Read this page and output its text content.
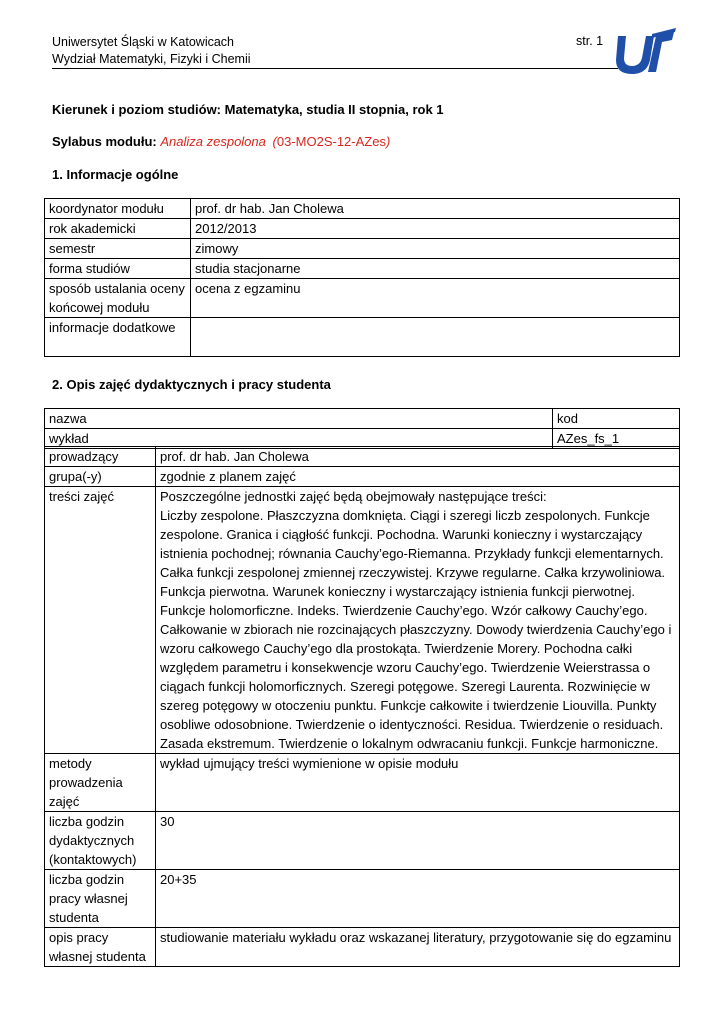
Uniwersytet Śląski w Katowicach
Wydział Matematyki, Fizyki i Chemii
str. 1
Kierunek i poziom studiów: Matematyka, studia II stopnia, rok 1
Sylabus modułu: Analiza zespolona (03-MO2S-12-AZes)
1. Informacje ogólne
koordynator modułu	prof. dr hab. Jan Cholewa
rok akademicki	2012/2013
semestr	zimowy
forma studiów	studia stacjonarne
sposób ustalania oceny końcowej modułu	ocena z egzaminu
informacje dodatkowe	
2. Opis zajęć dydaktycznych i pracy studenta
nazwa	kod
wykład	AZes_fs_1
prowadzący	prof. dr hab. Jan Cholewa
grupa(-y)	zgodnie z planem zajęć
treści zajęć	Poszczególne jednostki zajęć będą obejmowały następujące treści:
Liczby zespolone. Płaszczyzna domknięta. Ciągi i szeregi liczb zespolonych. Funkcje zespolone. Granica i ciągłość funkcji. Pochodna. Warunki konieczny i wystarczający istnienia pochodnej; równania Cauchy’ego-Riemanna. Przykłady funkcji elementarnych. Całka funkcji zespolonej zmiennej rzeczywistej. Krzywe regularne. Całka krzywoliniowa. Funkcja pierwotna. Warunek konieczny i wystarczający istnienia funkcji pierwotnej. Funkcje holomorficzne. Indeks. Twierdzenie Cauchy’ego. Wzór całkowy Cauchy’ego. Całkowanie w zbiorach nie rozcinających płaszczyzny. Dowody twierdzenia Cauchy’ego i wzoru całkowego Cauchy’ego dla prostokąta. Twierdzenie Morery. Pochodna całki względem parametru i konsekwencje wzoru Cauchy’ego. Twierdzenie Weierstrassa o ciągach funkcji holomorficznych. Szeregi potęgowe. Szeregi Laurenta. Rozwinięcie w szereg potęgowy w otoczeniu punktu. Funkcje całkowite i twierdzenie Liouvilla. Punkty osobliwe odosobnione. Twierdzenie o identyczności. Residua. Twierdzenie o residuach. Zasada ekstremum. Twierdzenie o lokalnym odwracaniu funkcji. Funkcje harmoniczne.
metody prowadzenia zajęć	wykład ujmujący treści wymienione w opisie modułu
liczba godzin dydaktycznych (kontaktowych)	30
liczba godzin pracy własnej studenta	20+35
opis pracy własnej studenta	studiowanie materiału wykładu oraz wskazanej literatury, przygotowanie się do egzaminu
